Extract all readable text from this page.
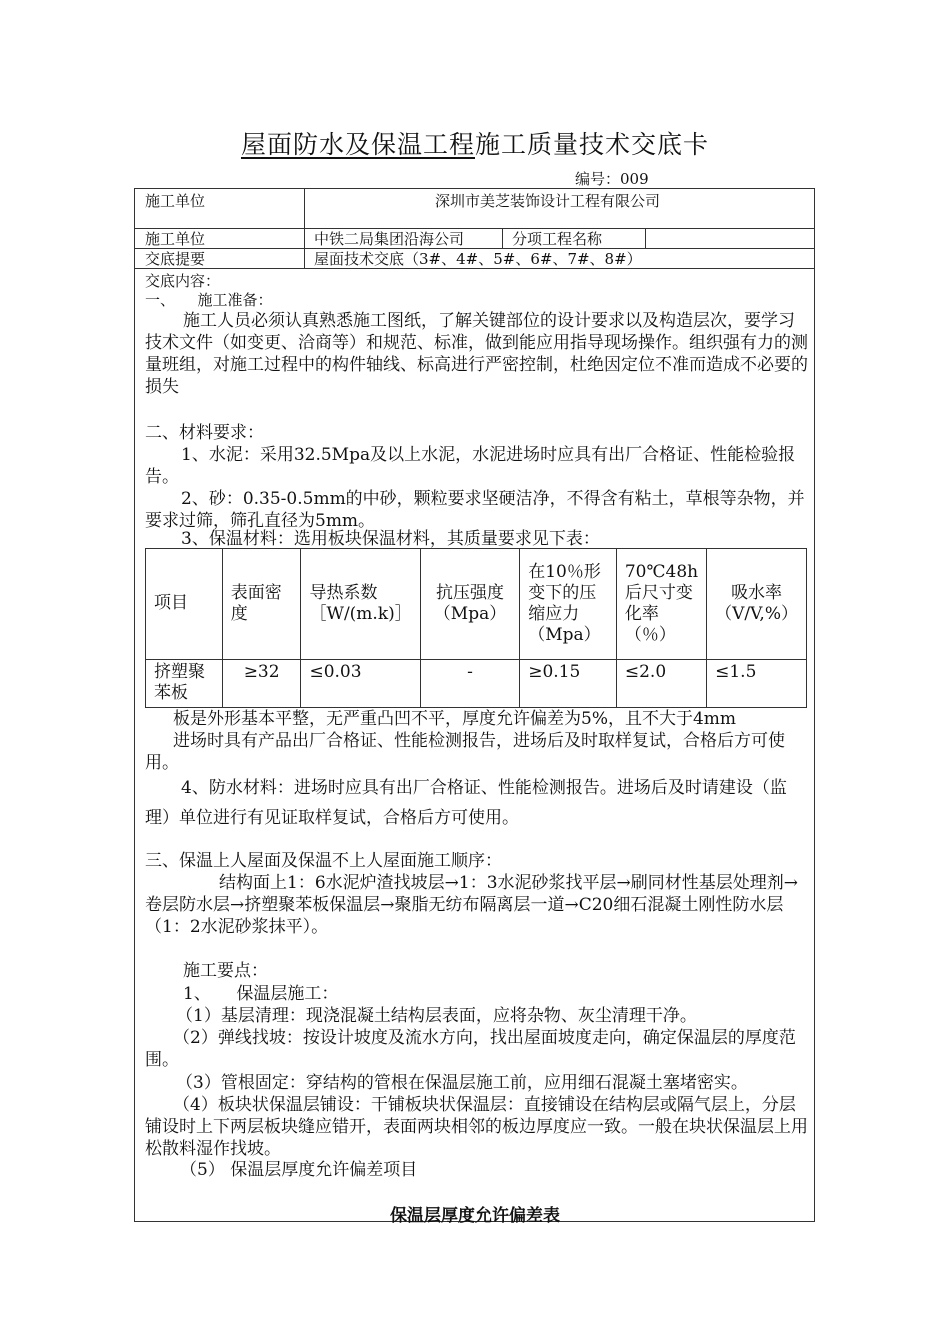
屋面防水及保温工程施工质量技术交底卡
编号：009
施工单位	深圳市美芝装饰设计工程有限公司
施工单位	中铁二局集团沿海公司	分项工程名称
交底提要	屋面技术交底（3#、4#、5#、6#、7#、8#）
交底内容：
一、　　施工准备：

施工人员必须认真熟悉施工图纸，了解关键部位的设计要求以及构造层次，要学习技术文件（如变更、洽商等）和规范、标准，做到能应用指导现场操作。组织强有力的测量班组，对施工过程中的构件轴线、标高进行严密控制，杜绝因定位不准而造成不必要的损失

二、材料要求：

1、水泥：采用32.5Mpa及以上水泥，水泥进场时应具有出厂合格证、性能检验报告。

2、砂：0.35-0.5mm的中砂，颗粒要求坚硬洁净，不得含有粘土，草根等杂物，并要求过筛，筛孔直径为5mm。

3、保温材料：选用板块保温材料，其质量要求见下表：
项目	表面密度	导热系数［W/(m.k)］	抗压强度（Mpa）	在10％形变下的压缩应力（Mpa）	70℃48h后尺寸变化率（％）	吸水率（V/V,%）
挤塑聚苯板	≥32	≤0.03	-	≥0.15	≤2.0	≤1.5
板是外形基本平整，无严重凸凹不平，厚度允许偏差为5%，且不大于4mm

进场时具有产品出厂合格证、性能检测报告，进场后及时取样复试，合格后方可使用。

4、防水材料：进场时应具有出厂合格证、性能检测报告。进场后及时请建设（监理）单位进行有见证取样复试，合格后方可使用。

三、保温上人屋面及保温不上人屋面施工顺序：

结构面上1：6水泥炉渣找坡层→1：3水泥砂浆找平层→刷同材性基层处理剂→卷层防水层→挤塑聚苯板保温层→聚脂无纺布隔离层一道→C20细石混凝土刚性防水层（1：2水泥砂浆抹平）。

施工要点：
1、　　保温层施工：
（1）基层清理：现浇混凝土结构层表面，应将杂物、灰尘清理干净。

（2）弹线找坡：按设计坡度及流水方向，找出屋面坡度走向，确定保温层的厚度范围。

（3）管根固定：穿结构的管根在保温层施工前，应用细石混凝土塞堵密实。

（4）板块状保温层铺设：干铺板块状保温层：直接铺设在结构层或隔气层上，分层铺设时上下两层板块缝应错开，表面两块相邻的板边厚度应一致。一般在块状保温层上用松散料湿作找坡。

（5） 保温层厚度允许偏差项目
保温层厚度允许偏差表
